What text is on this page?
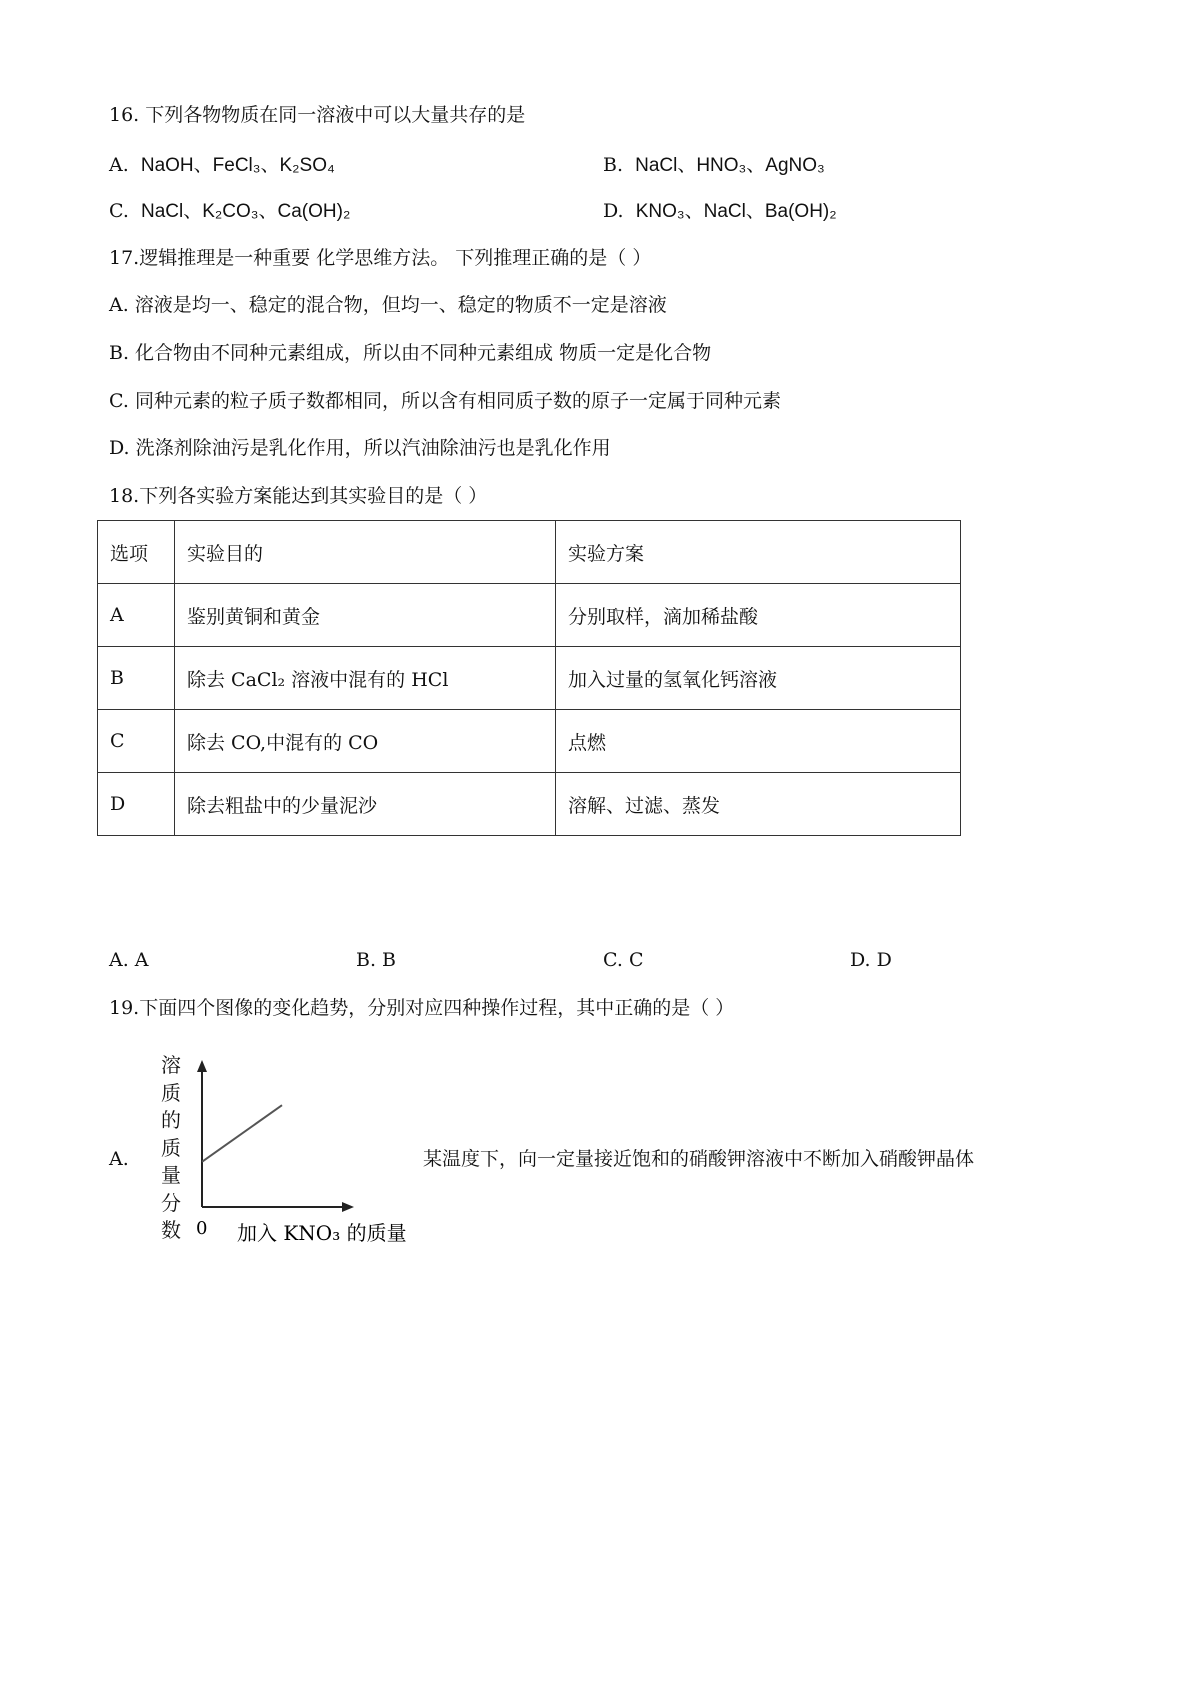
16. 下列各物物质在同一溶液中可以大量共存的是
A. NaOH、FeCl₃、K₂SO₄	B. NaCl、HNO₃、AgNO₃
C. NaCl、K₂CO₃、Ca(OH)₂	D. KNO₃、NaCl、Ba(OH)₂
17.逻辑推理是一种重要 化学思维方法。 下列推理正确的是（ ）
A. 溶液是均一、稳定的混合物，但均一、稳定的物质不一定是溶液
B. 化合物由不同种元素组成，所以由不同种元素组成 物质一定是化合物
C. 同种元素的粒子质子数都相同，所以含有相同质子数的原子一定属于同种元素
D. 洗涤剂除油污是乳化作用，所以汽油除油污也是乳化作用
18.下列各实验方案能达到其实验目的是（ ）
选项	实验目的	实验方案
A	鉴别黄铜和黄金	分别取样，滴加稀盐酸
B	除去 CaCl₂ 溶液中混有的 HCl	加入过量的氢氧化钙溶液
C	除去 CO,中混有的 CO	点燃
D	除去粗盐中的少量泥沙	溶解、过滤、蒸发
A. A	B. B	C. C	D. D
19.下面四个图像的变化趋势，分别对应四种操作过程，其中正确的是（ ）
A.
溶
质
的
质
量
分
数 0 加入 KNO₃ 的质量
某温度下，向一定量接近饱和的硝酸钾溶液中不断加入硝酸钾晶体
